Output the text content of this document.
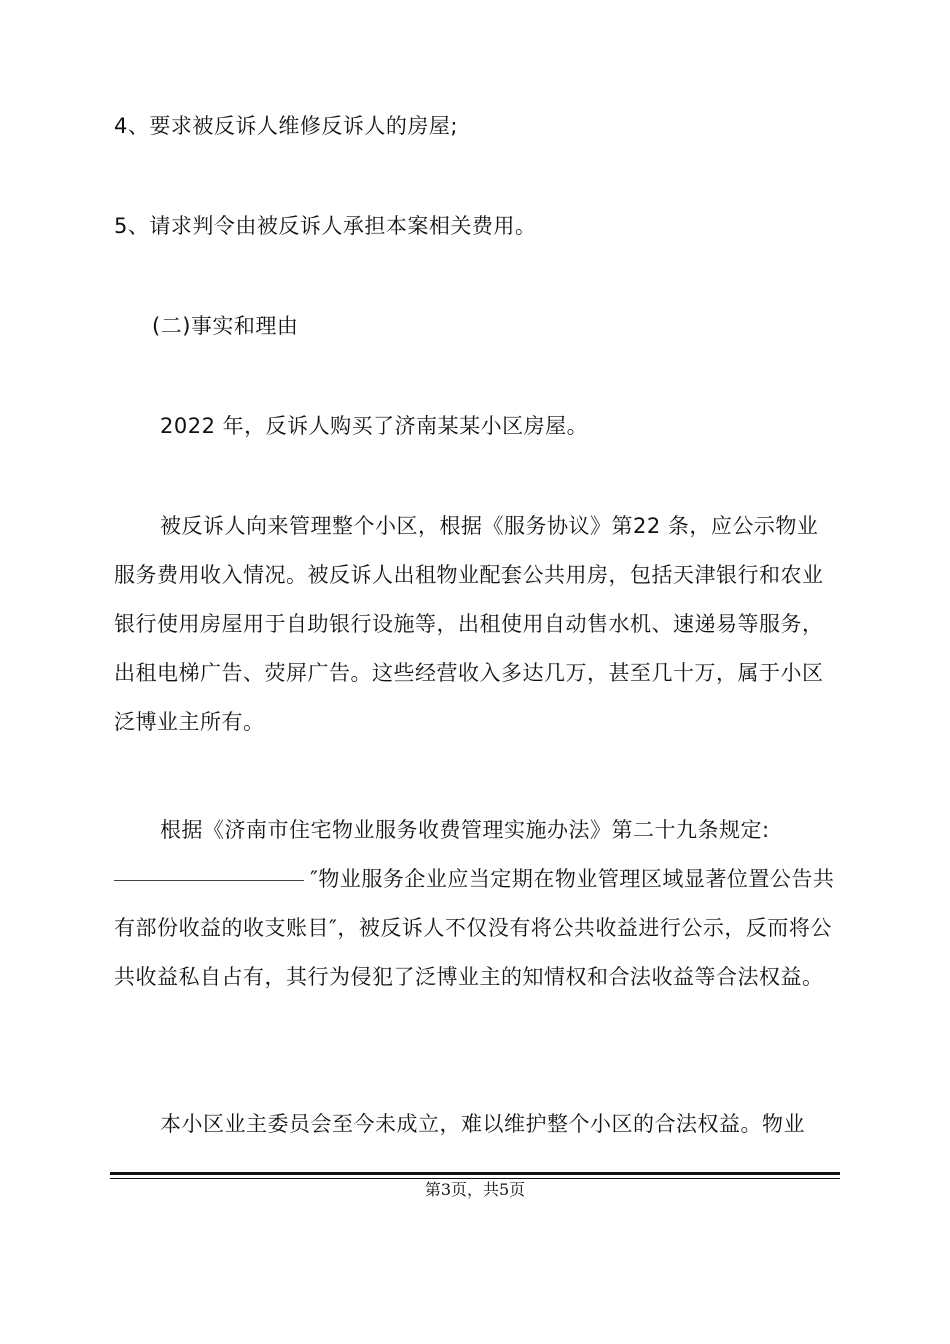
4、要求被反诉人维修反诉人的房屋;

5、请求判令由被反诉人承担本案相关费用。

(二)事实和理由

2022 年，反诉人购买了济南某某小区房屋。

被反诉人向来管理整个小区，根据《服务协议》第22 条，应公示物业服务费用收入情况。被反诉人出租物业配套公共用房，包括天津银行和农业银行使用房屋用于自助银行设施等，出租使用自动售水机、速递易等服务，出租电梯广告、荧屏广告。这些经营收入多达几万，甚至几十万，属于小区泛博业主所有。

根据《济南市住宅物业服务收费管理实施办法》第二十九条规定:
″物业服务企业应当定期在物业管理区域显著位置公告共有部份收益的收支账目″，被反诉人不仅没有将公共收益进行公示，反而将公共收益私自占有，其行为侵犯了泛博业主的知情权和合法收益等合法权益。

本小区业主委员会至今未成立，难以维护整个小区的合法权益。物业

第3页，共5页
